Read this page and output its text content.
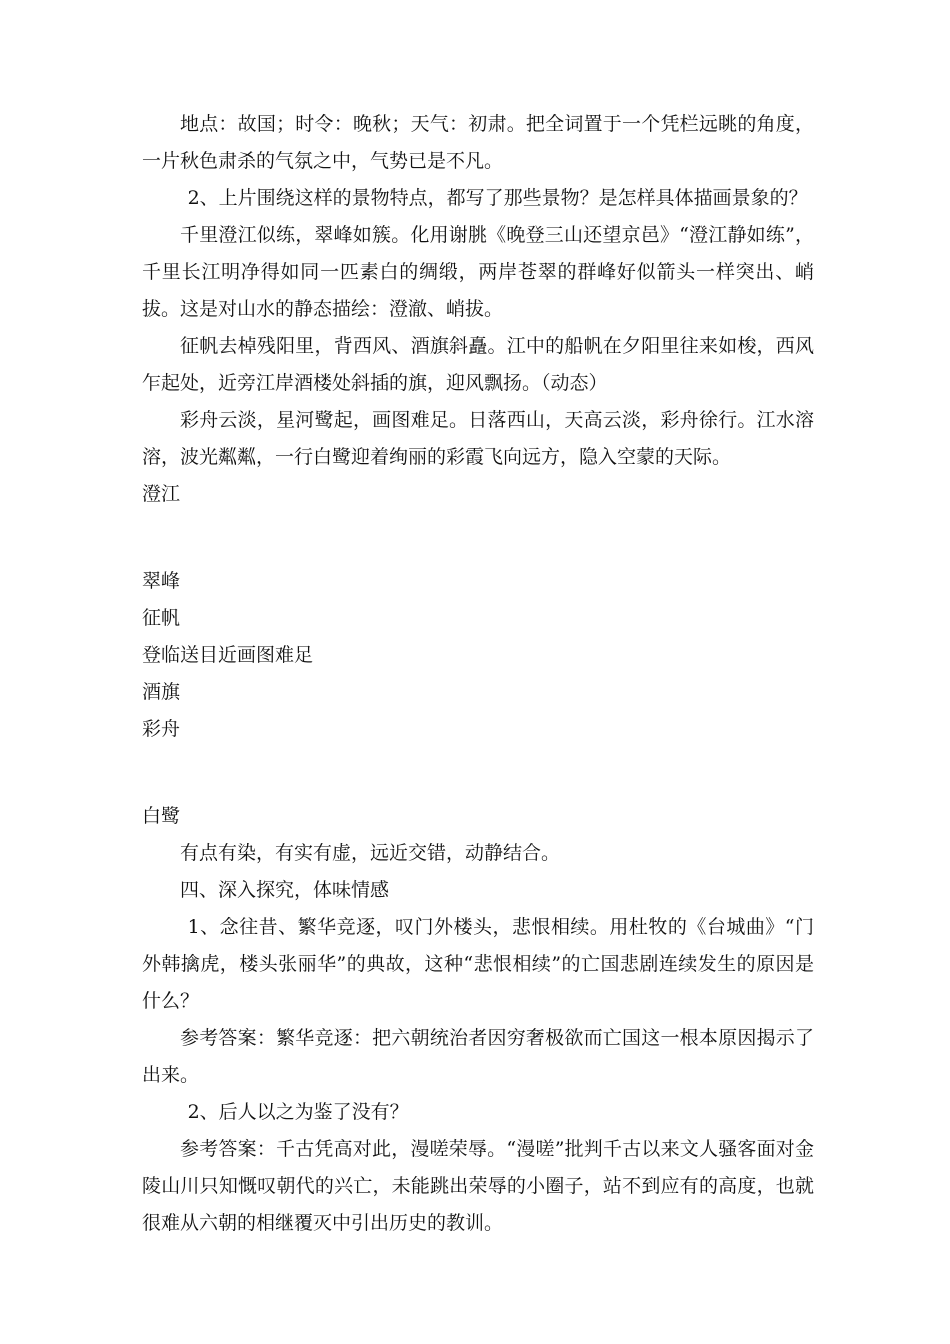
地点：故国；时令：晚秋；天气：初肃。把全词置于一个凭栏远眺的角度，一片秋色肃杀的气氛之中，气势已是不凡。

2、上片围绕这样的景物特点，都写了那些景物？是怎样具体描画景象的？

千里澄江似练，翠峰如簇。化用谢朓《晚登三山还望京邑》“澄江静如练”，千里长江明净得如同一匹素白的绸缎，两岸苍翠的群峰好似箭头一样突出、峭拔。这是对山水的静态描绘：澄澈、峭拔。

征帆去棹残阳里，背西风、酒旗斜矗。江中的船帆在夕阳里往来如梭，西风乍起处，近旁江岸酒楼处斜插的旗，迎风飘扬。（动态）

彩舟云淡，星河鹭起，画图难足。日落西山，天高云淡，彩舟徐行。江水溶溶，波光粼粼，一行白鹭迎着绚丽的彩霞飞向远方，隐入空蒙的天际。

澄江

翠峰

征帆

登临送目近画图难足

酒旗

彩舟

白鹭

有点有染，有实有虚，远近交错，动静结合。

四、深入探究，体味情感

1、念往昔、繁华竞逐，叹门外楼头，悲恨相续。用杜牧的《台城曲》“门外韩擒虎，楼头张丽华”的典故，这种“悲恨相续”的亡国悲剧连续发生的原因是什么？

参考答案：繁华竞逐：把六朝统治者因穷奢极欲而亡国这一根本原因揭示了出来。

2、后人以之为鉴了没有？

参考答案：千古凭高对此，漫嗟荣辱。“漫嗟”批判千古以来文人骚客面对金陵山川只知慨叹朝代的兴亡，未能跳出荣辱的小圈子，站不到应有的高度，也就很难从六朝的相继覆灭中引出历史的教训。
